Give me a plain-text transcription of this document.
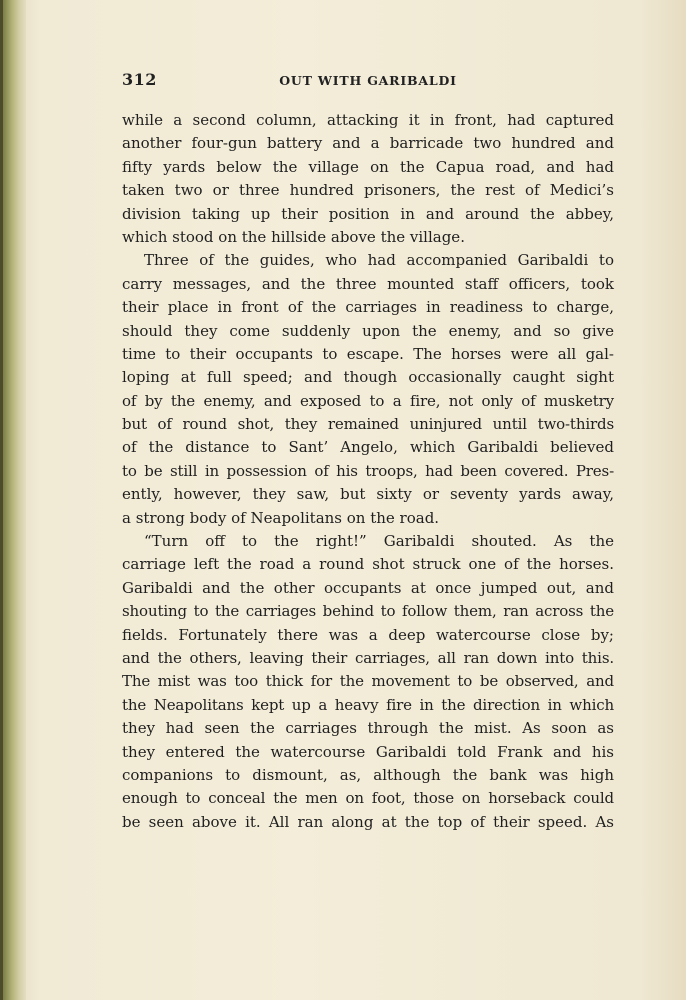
312	OUT WITH GARIBALDI
while a second column, attacking it in front, had captured
another four-gun battery and a barricade two hundred and
fifty yards below the village on the Capua road, and had
taken two or three hundred prisoners, the rest of Medici’s
division taking up their position in and around the abbey,
which stood on the hillside above the village.
Three of the guides, who had accompanied Garibaldi to
carry messages, and the three mounted staff officers, took
their place in front of the carriages in readiness to charge,
should they come suddenly upon the enemy, and so give
time to their occupants to escape. The horses were all gal-
loping at full speed; and though occasionally caught sight
of by the enemy, and exposed to a fire, not only of musketry
but of round shot, they remained uninjured until two-thirds
of the distance to Sant’ Angelo, which Garibaldi believed
to be still in possession of his troops, had been covered. Pres-
ently, however, they saw, but sixty or seventy yards away,
a strong body of Neapolitans on the road.
“Turn off to the right!” Garibaldi shouted. As the
carriage left the road a round shot struck one of the horses.
Garibaldi and the other occupants at once jumped out, and
shouting to the carriages behind to follow them, ran across the
fields. Fortunately there was a deep watercourse close by;
and the others, leaving their carriages, all ran down into this.
The mist was too thick for the movement to be observed, and
the Neapolitans kept up a heavy fire in the direction in which
they had seen the carriages through the mist. As soon as
they entered the watercourse Garibaldi told Frank and his
companions to dismount, as, although the bank was high
enough to conceal the men on foot, those on horseback could
be seen above it. All ran along at the top of their speed. As
